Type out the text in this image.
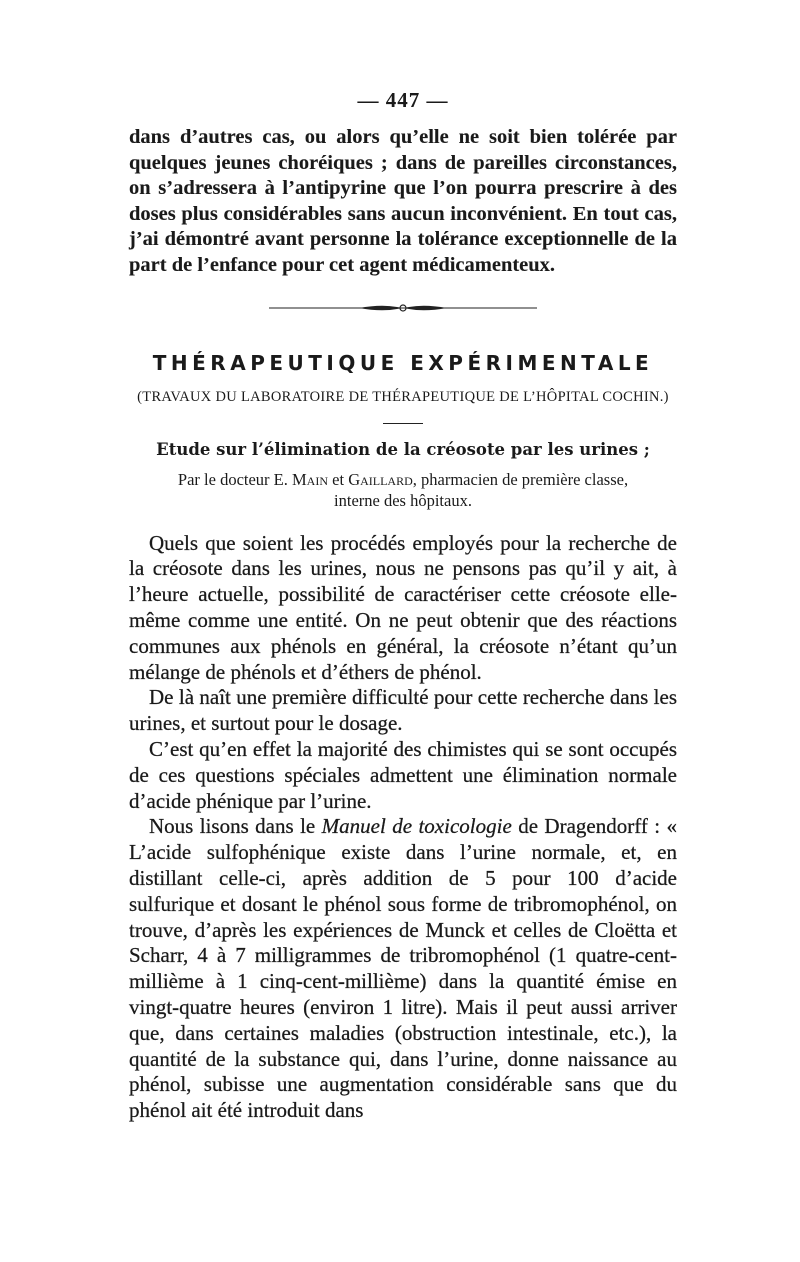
— 447 —

dans d’autres cas, ou alors qu’elle ne soit bien tolérée par quelques jeunes choréiques ; dans de pareilles circonstances, on s’adressera à l’antipyrine que l’on pourra prescrire à des doses plus considérables sans aucun inconvénient. En tout cas, j’ai démontré avant personne la tolérance exceptionnelle de la part de l’enfance pour cet agent médicamenteux.

THÉRAPEUTIQUE EXPÉRIMENTALE
(TRAVAUX DU LABORATOIRE DE THÉRAPEUTIQUE DE L’HÔPITAL COCHIN.)
Etude sur l’élimination de la créosote par les urines ;
Par le docteur E. Main et Gaillard, pharmacien de première classe,
interne des hôpitaux.

Quels que soient les procédés employés pour la recherche de la créosote dans les urines, nous ne pensons pas qu’il y ait, à l’heure actuelle, possibilité de caractériser cette créosote elle-même comme une entité. On ne peut obtenir que des réactions communes aux phénols en général, la créosote n’étant qu’un mélange de phénols et d’éthers de phénol.

De là naît une première difficulté pour cette recherche dans les urines, et surtout pour le dosage.

C’est qu’en effet la majorité des chimistes qui se sont occupés de ces questions spéciales admettent une élimination normale d’acide phénique par l’urine.

Nous lisons dans le Manuel de toxicologie de Dragendorff : « L’acide sulfophénique existe dans l’urine normale, et, en distillant celle-ci, après addition de 5 pour 100 d’acide sulfurique et dosant le phénol sous forme de tribromophénol, on trouve, d’après les expériences de Munck et celles de Cloëtta et Scharr, 4 à 7 milligrammes de tribromophénol (1 quatre-cent-millième à 1 cinq-cent-millième) dans la quantité émise en vingt-quatre heures (environ 1 litre). Mais il peut aussi arriver que, dans certaines maladies (obstruction intestinale, etc.), la quantité de la substance qui, dans l’urine, donne naissance au phénol, subisse une augmentation considérable sans que du phénol ait été introduit dans
